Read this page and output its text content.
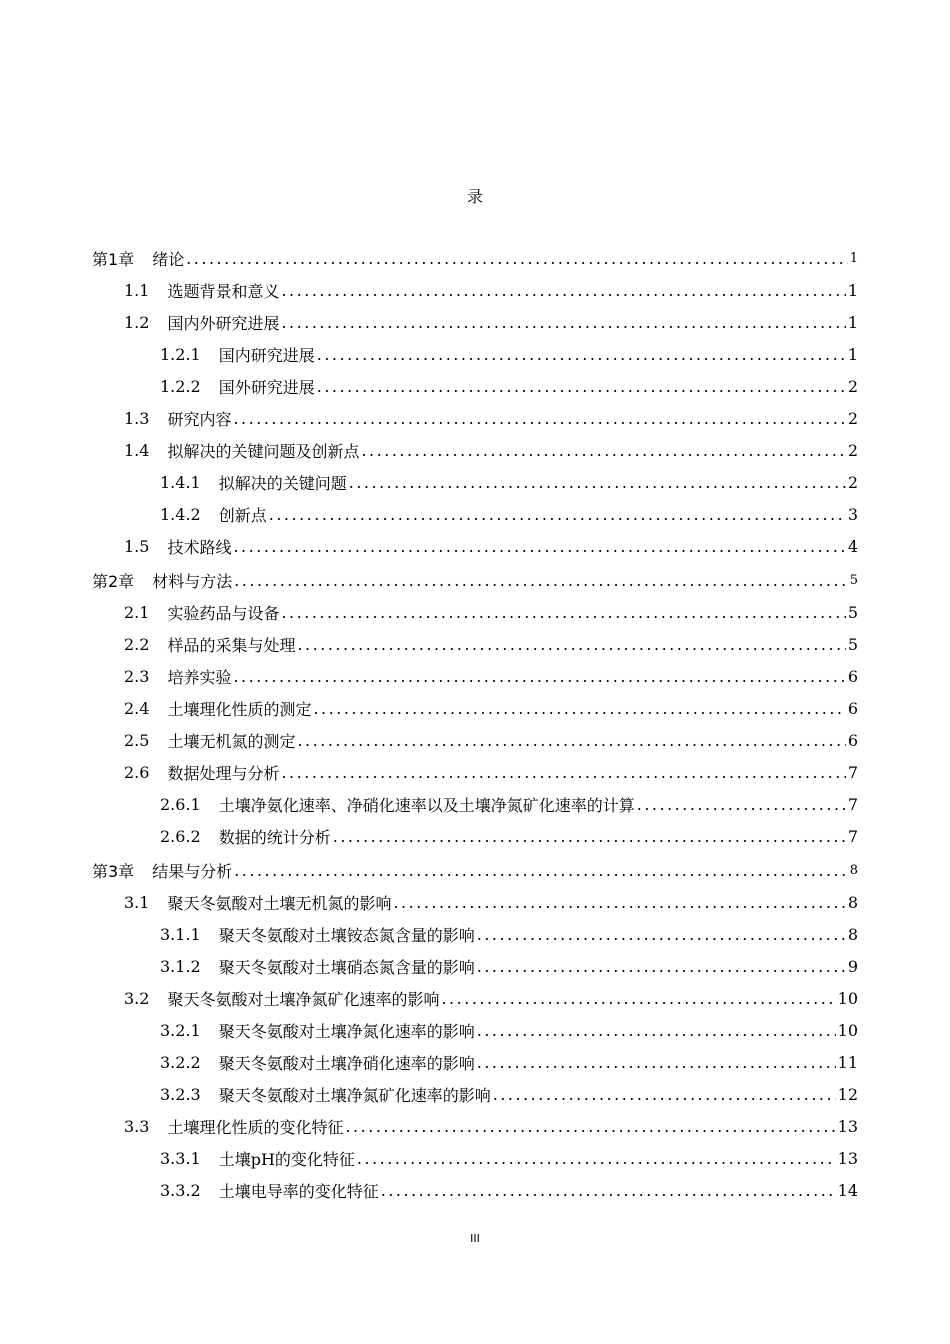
录
第1章 绪论 .....	1
1.1 选题背景和意义 .....	1
1.2 国内外研究进展 .....	1
1.2.1 国内研究进展 .....	1
1.2.2 国外研究进展 .....	2
1.3 研究内容 .....	2
1.4 拟解决的关键问题及创新点 .....	2
1.4.1 拟解决的关键问题 .....	2
1.4.2 创新点 .....	3
1.5 技术路线 .....	4
第2章 材料与方法 .....	5
2.1 实验药品与设备 .....	5
2.2 样品的采集与处理 .....	5
2.3 培养实验 .....	6
2.4 土壤理化性质的测定 .....	6
2.5 土壤无机氮的测定 .....	6
2.6 数据处理与分析 .....	7
2.6.1 土壤净氨化速率、净硝化速率以及土壤净氮矿化速率的计算 .....	7
2.6.2 数据的统计分析 .....	7
第3章 结果与分析 .....	8
3.1 聚天冬氨酸对土壤无机氮的影响 .....	8
3.1.1 聚天冬氨酸对土壤铵态氮含量的影响 .....	8
3.1.2 聚天冬氨酸对土壤硝态氮含量的影响 .....	9
3.2 聚天冬氨酸对土壤净氮矿化速率的影响 .....	10
3.2.1 聚天冬氨酸对土壤净氮化速率的影响 .....	10
3.2.2 聚天冬氨酸对土壤净硝化速率的影响 .....	11
3.2.3 聚天冬氨酸对土壤净氮矿化速率的影响 .....	12
3.3 土壤理化性质的变化特征 .....	13
3.3.1 土壤pH的变化特征 .....	13
3.3.2 土壤电导率的变化特征 .....	14
III
